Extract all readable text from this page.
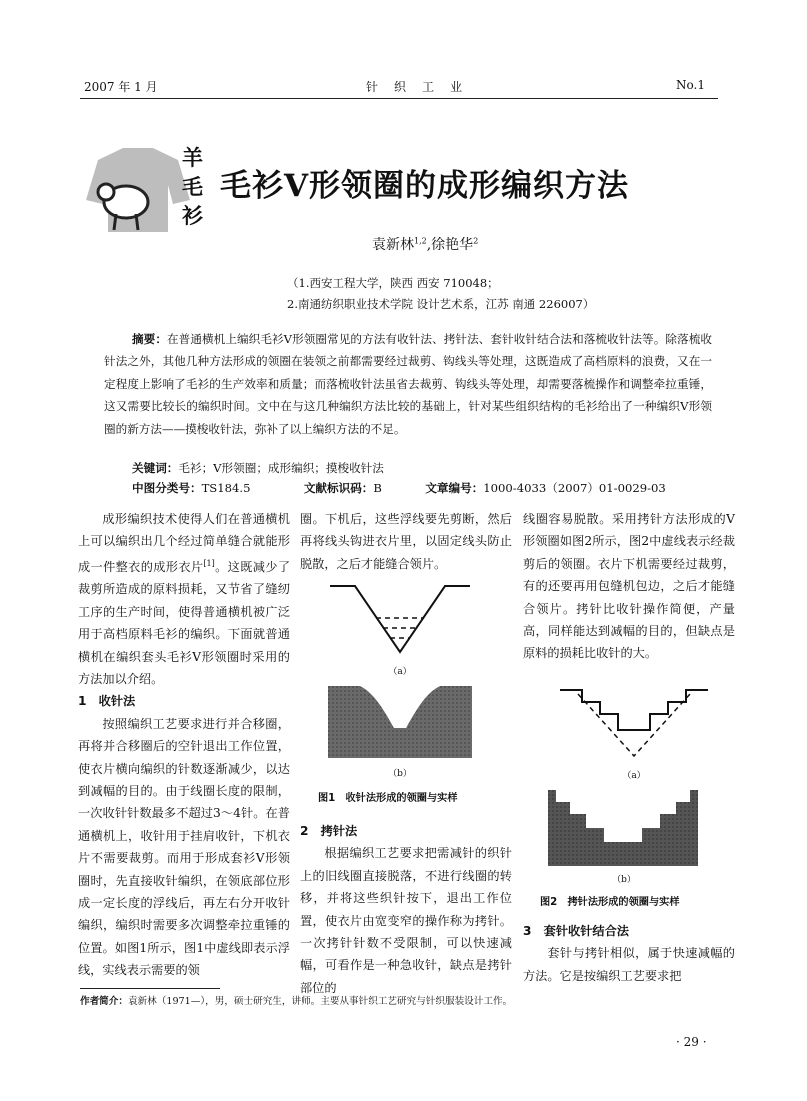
2007 年 1 月	针　织　工　业	No.1
羊毛衫
毛衫V形领圈的成形编织方法
袁新林$^{1,2}$,徐艳华$^2$
（1.西安工程大学，陕西 西安 710048；
2.南通纺织职业技术学院 设计艺术系，江苏 南通 226007）
摘要：在普通横机上编织毛衫V形领圈常见的方法有收针法、拷针法、套针收针结合法和落梳收针法等。除落梳收针法之外，其他几种方法形成的领圈在装领之前都需要经过裁剪、钩线头等处理，这既造成了高档原料的浪费，又在一定程度上影响了毛衫的生产效率和质量；而落梳收针法虽省去裁剪、钩线头等处理，却需要落梳操作和调整牵拉重锤，这又需要比较长的编织时间。文中在与这几种编织方法比较的基础上，针对某些组织结构的毛衫给出了一种编织V形领圈的新方法——摸梭收针法，弥补了以上编织方法的不足。
关键词：毛衫；V形领圈；成形编织；摸梭收针法
中图分类号：TS184.5	文献标识码：B	文章编号：1000-4033（2007）01-0029-03

成形编织技术使得人们在普通横机上可以编织出几个经过简单缝合就能形成一件整衣的成形衣片[1]。这既减少了裁剪所造成的原料损耗，又节省了缝纫工序的生产时间，使得普通横机被广泛用于高档原料毛衫的编织。下面就普通横机在编织套头毛衫V形领圈时采用的方法加以介绍。

1　收针法

按照编织工艺要求进行并合移圈，再将并合移圈后的空针退出工作位置，使衣片横向编织的针数逐渐减少，以达到减幅的目的。由于线圈长度的限制，一次收针针数最多不超过3～4针。在普通横机上，收针用于挂肩收针，下机衣片不需要裁剪。而用于形成套衫V形领圈时，先直接收针编织，在领底部位形成一定长度的浮线后，再左右分开收针编织，编织时需要多次调整牵拉重锤的位置。如图1所示，图1中虚线即表示浮线，实线表示需要的领

圈。下机后，这些浮线要先剪断，然后再将线头钩进衣片里，以固定线头防止脱散，之后才能缝合领片。

（a）
（b）
图1　收针法形成的领圈与实样
2　拷针法

根据编织工艺要求把需减针的织针上的旧线圈直接脱落，不进行线圈的转移，并将这些织针按下，退出工作位置，使衣片由宽变窄的操作称为拷针。一次拷针针数不受限制，可以快速减幅，可看作是一种急收针，缺点是拷针部位的

线圈容易脱散。采用拷针方法形成的V形领圈如图2所示，图2中虚线表示经裁剪后的领圈。衣片下机需要经过裁剪，有的还要再用包缝机包边，之后才能缝合领片。拷针比收针操作简便，产量高，同样能达到减幅的目的，但缺点是原料的损耗比收针的大。

（a）
（b）
图2　拷针法形成的领圈与实样
3　套针收针结合法

套针与拷针相似，属于快速减幅的方法。它是按编织工艺要求把

作者简介：袁新林（1971—），男，硕士研究生，讲师。主要从事针织工艺研究与针织服装设计工作。
· 29 ·
